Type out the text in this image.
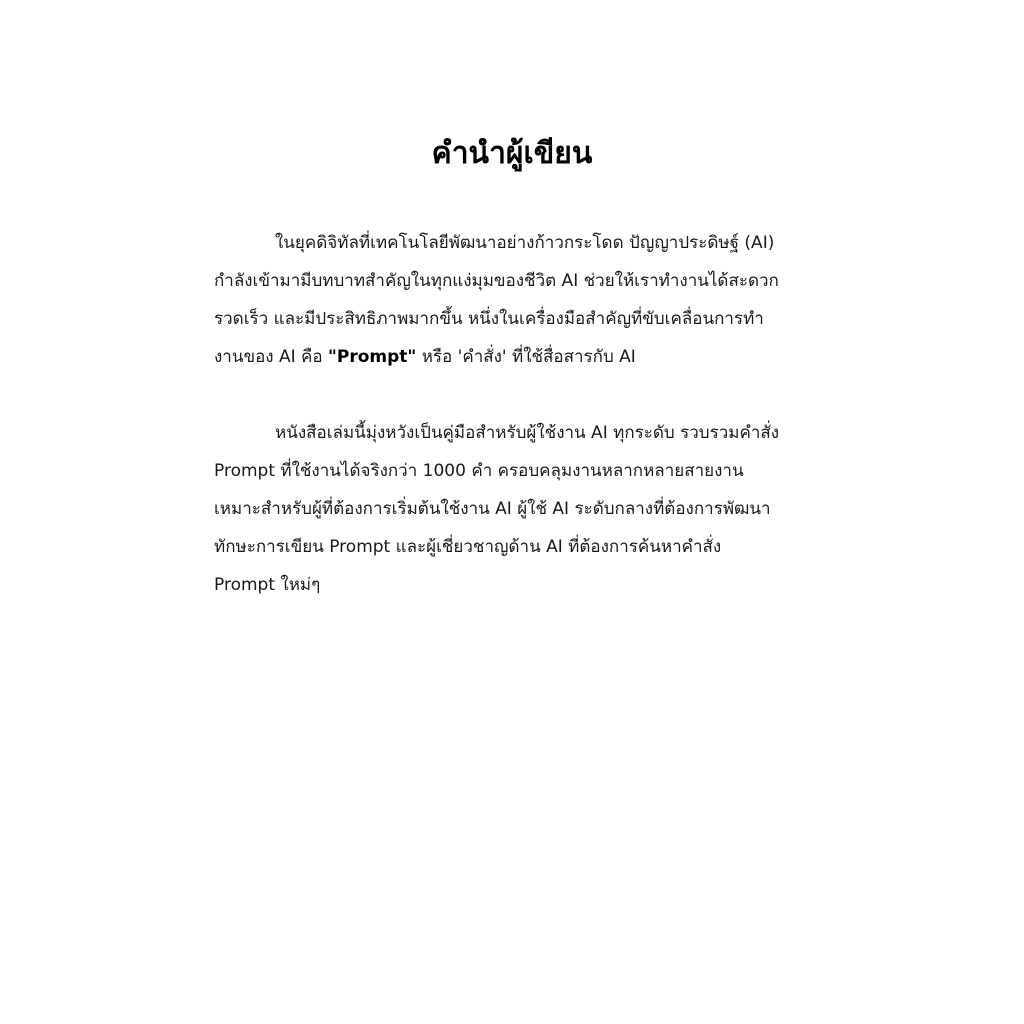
คำนำผู้เขียน
ในยุคดิจิทัลที่เทคโนโลยีพัฒนาอย่างก้าวกระโดด ปัญญาประดิษฐ์ (AI)
กำลังเข้ามามีบทบาทสำคัญในทุกแง่มุมของชีวิต AI ช่วยให้เราทำงานได้สะดวก
รวดเร็ว และมีประสิทธิภาพมากขึ้น หนึ่งในเครื่องมือสำคัญที่ขับเคลื่อนการทำ
งานของ AI คือ "Prompt" หรือ 'คำสั่ง' ที่ใช้สื่อสารกับ AI
หนังสือเล่มนี้มุ่งหวังเป็นคู่มือสำหรับผู้ใช้งาน AI ทุกระดับ รวบรวมคำสั่ง
Prompt ที่ใช้งานได้จริงกว่า 1000 คำ ครอบคลุมงานหลากหลายสายงาน
เหมาะสำหรับผู้ที่ต้องการเริ่มต้นใช้งาน AI ผู้ใช้ AI ระดับกลางที่ต้องการพัฒนา
ทักษะการเขียน Prompt และผู้เชี่ยวชาญด้าน AI ที่ต้องการค้นหาคำสั่ง
Prompt ใหม่ๆ
